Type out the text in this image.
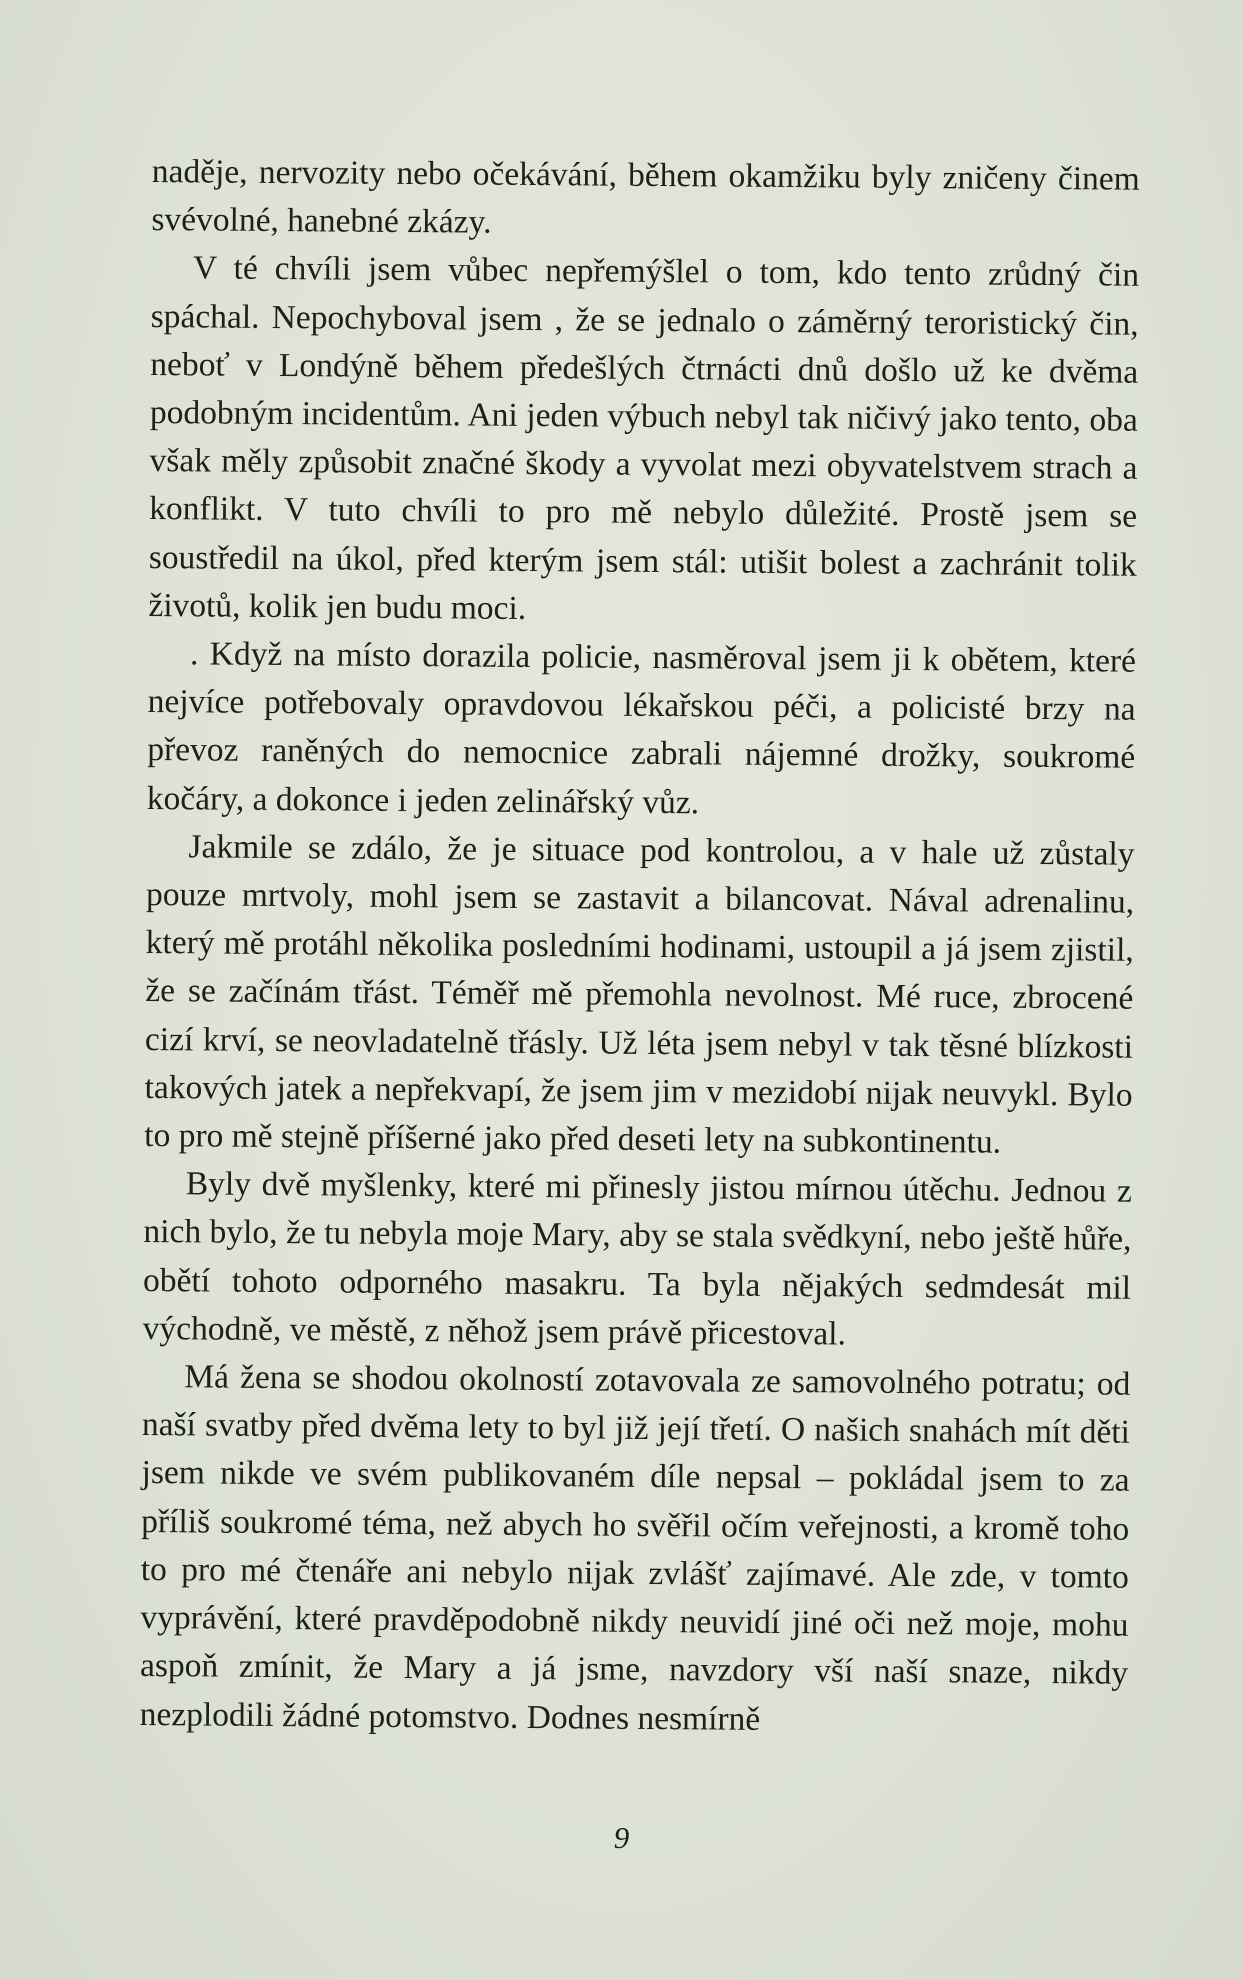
naděje, nervozity nebo očekávání, během okamžiku byly zničeny činem svévolné, hanebné zkázy.

V té chvíli jsem vůbec nepřemýšlel o tom, kdo tento zrůdný čin spáchal. Nepochyboval jsem , že se jednalo o záměrný teroristický čin, neboť v Londýně během předešlých čtrnácti dnů došlo už ke dvěma podobným incidentům. Ani jeden výbuch nebyl tak ničivý jako tento, oba však měly způsobit značné škody a vyvolat mezi obyvatelstvem strach a konflikt. V tuto chvíli to pro mě nebylo důležité. Prostě jsem se soustředil na úkol, před kterým jsem stál: utišit bolest a zachránit tolik životů, kolik jen budu moci.

. Když na místo dorazila policie, nasměroval jsem ji k obětem, které nejvíce potřebovaly opravdovou lékařskou péči, a policisté brzy na převoz raněných do nemocnice zabrali nájemné drožky, soukromé kočáry, a dokonce i jeden zelinářský vůz.

Jakmile se zdálo, že je situace pod kontrolou, a v hale už zůstaly pouze mrtvoly, mohl jsem se zastavit a bilancovat. Nával adrenalinu, který mě protáhl několika posledními hodinami, ustoupil a já jsem zjistil, že se začínám třást. Téměř mě přemohla nevolnost. Mé ruce, zbrocené cizí krví, se neovladatelně třásly. Už léta jsem nebyl v tak těsné blízkosti takových jatek a nepřekvapí, že jsem jim v mezidobí nijak neuvykl. Bylo to pro mě stejně příšerné jako před deseti lety na subkontinentu.

Byly dvě myšlenky, které mi přinesly jistou mírnou útěchu. Jednou z nich bylo, že tu nebyla moje Mary, aby se stala svědkyní, nebo ještě hůře, obětí tohoto odporného masakru. Ta byla nějakých sedmdesát mil východně, ve městě, z něhož jsem právě přicestoval.

Má žena se shodou okolností zotavovala ze samovolného potratu; od naší svatby před dvěma lety to byl již její třetí. O našich snahách mít děti jsem nikde ve svém publikovaném díle nepsal – pokládal jsem to za příliš soukromé téma, než abych ho svěřil očím veřejnosti, a kromě toho to pro mé čtenáře ani nebylo nijak zvlášť zajímavé. Ale zde, v tomto vyprávění, které pravděpodobně nikdy neuvidí jiné oči než moje, mohu aspoň zmínit, že Mary a já jsme, navzdory vší naší snaze, nikdy nezplodili žádné potomstvo. Dodnes nesmírně

9
